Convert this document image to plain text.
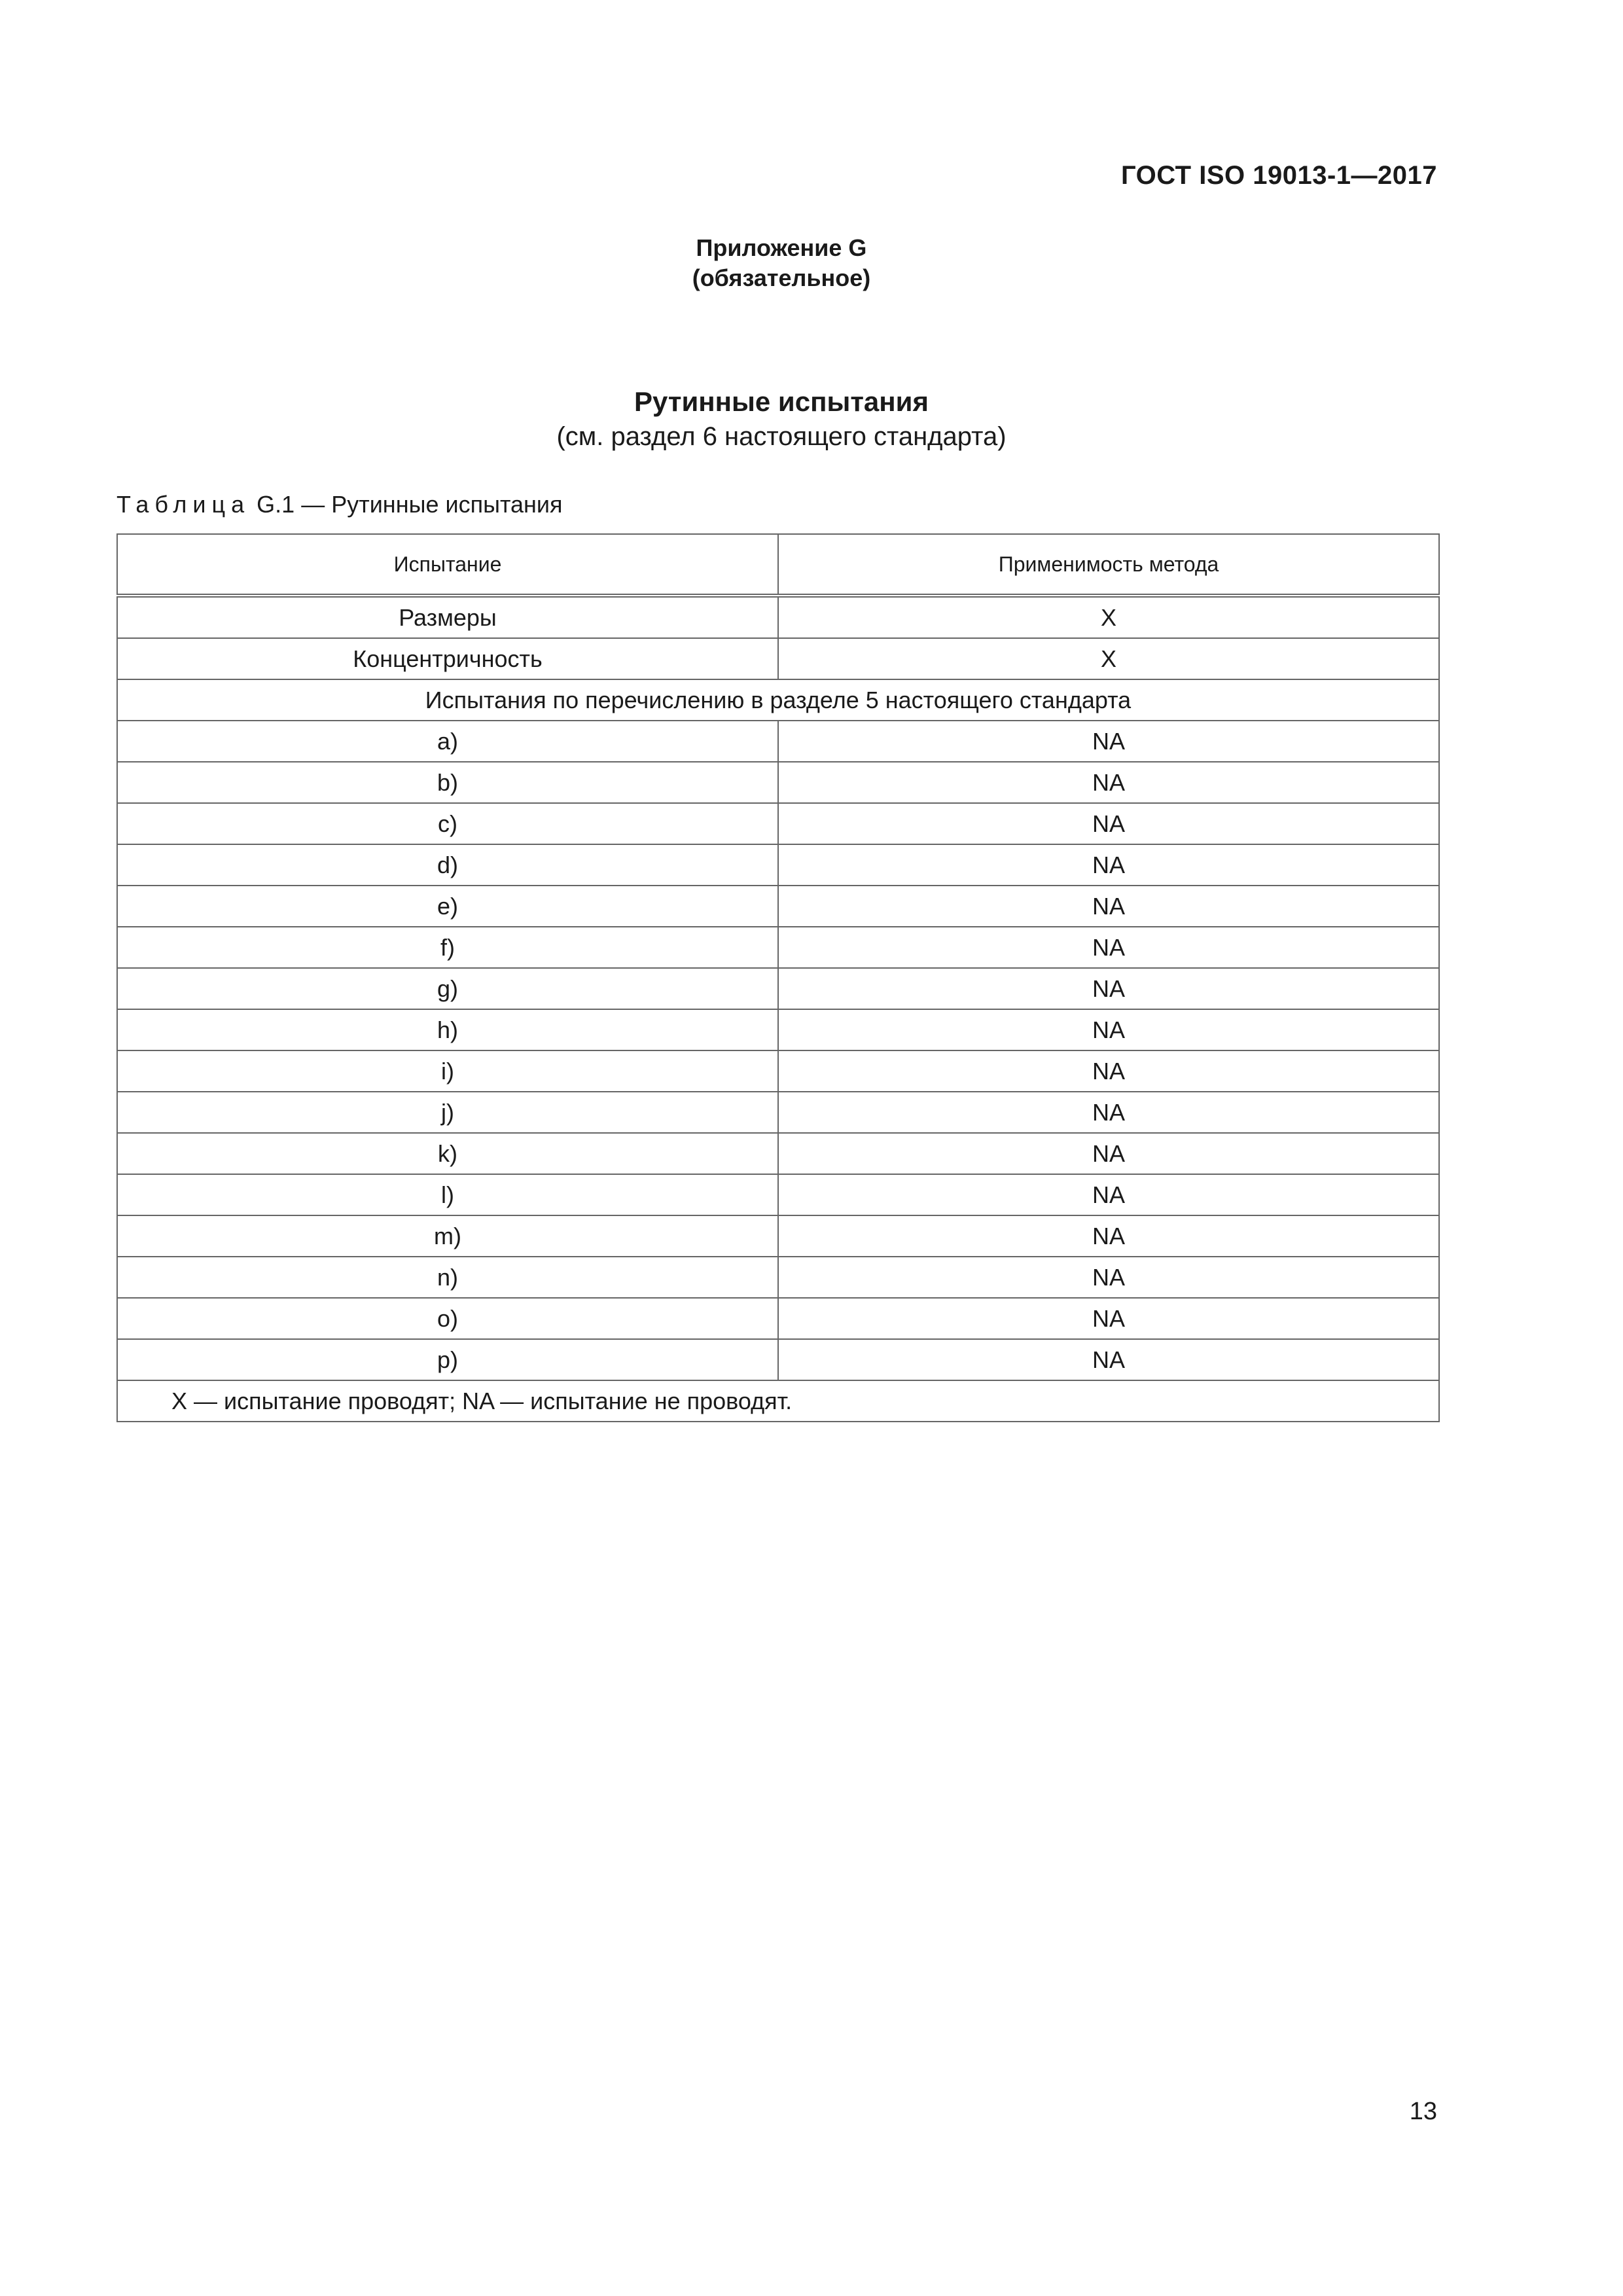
ГОСТ ISO 19013-1—2017
Приложение G
(обязательное)
Рутинные испытания
(см. раздел 6 настоящего стандарта)
Таблица G.1 — Рутинные испытания
Испытание	Применимость метода
Размеры	X
Концентричность	X
Испытания по перечислению в разделе 5 настоящего стандарта	
a)	NA
b)	NA
c)	NA
d)	NA
e)	NA
f)	NA
g)	NA
h)	NA
i)	NA
j)	NA
k)	NA
l)	NA
m)	NA
n)	NA
o)	NA
p)	NA
X — испытание проводят; NA — испытание не проводят.	
13
